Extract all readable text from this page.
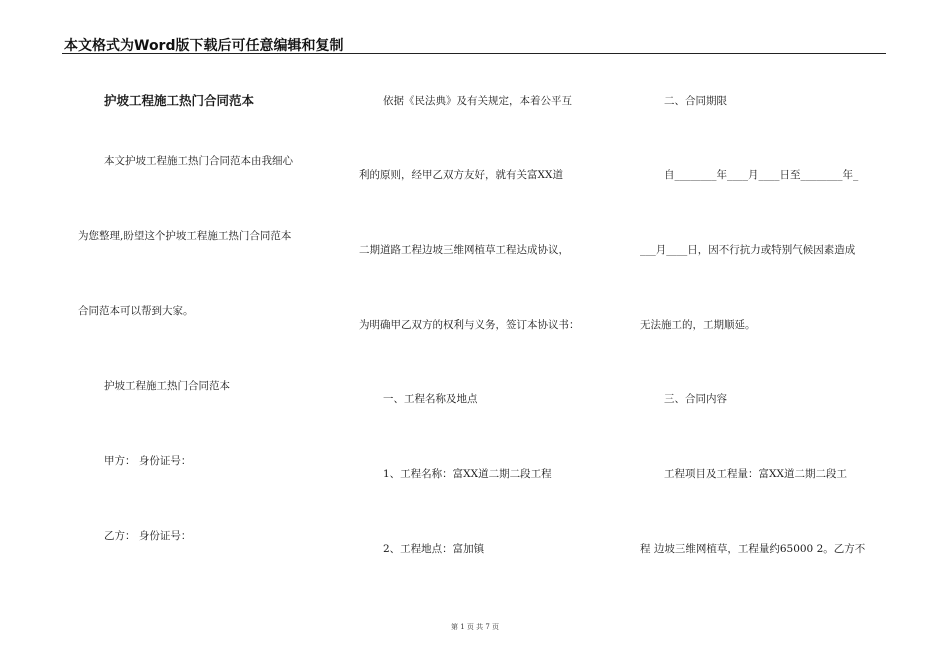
本文格式为Word版下载后可任意编辑和复制
护坡工程施工热门合同范本
本文护坡工程施工热门合同范本由我细心
为您整理,盼望这个护坡工程施工热门合同范本
合同范本可以帮到大家。
护坡工程施工热门合同范本
甲方： 身份证号：
乙方： 身份证号：
依据《民法典》及有关规定，本着公平互
利的原则，经甲乙双方友好，就有关富XX道
二期道路工程边坡三维网植草工程达成协议，
为明确甲乙双方的权利与义务，签订本协议书：
一、工程名称及地点
1、工程名称：富XX道二期二段工程
2、工程地点：富加镇
二、合同期限
自________年____月____日至________年_
___月____日，因不行抗力或特别气候因素造成
无法施工的，工期顺延。
三、合同内容
工程项目及工程量：富XX道二期二段工
程 边坡三维网植草，工程量约65000 2。乙方不
第 1 页 共 7 页
